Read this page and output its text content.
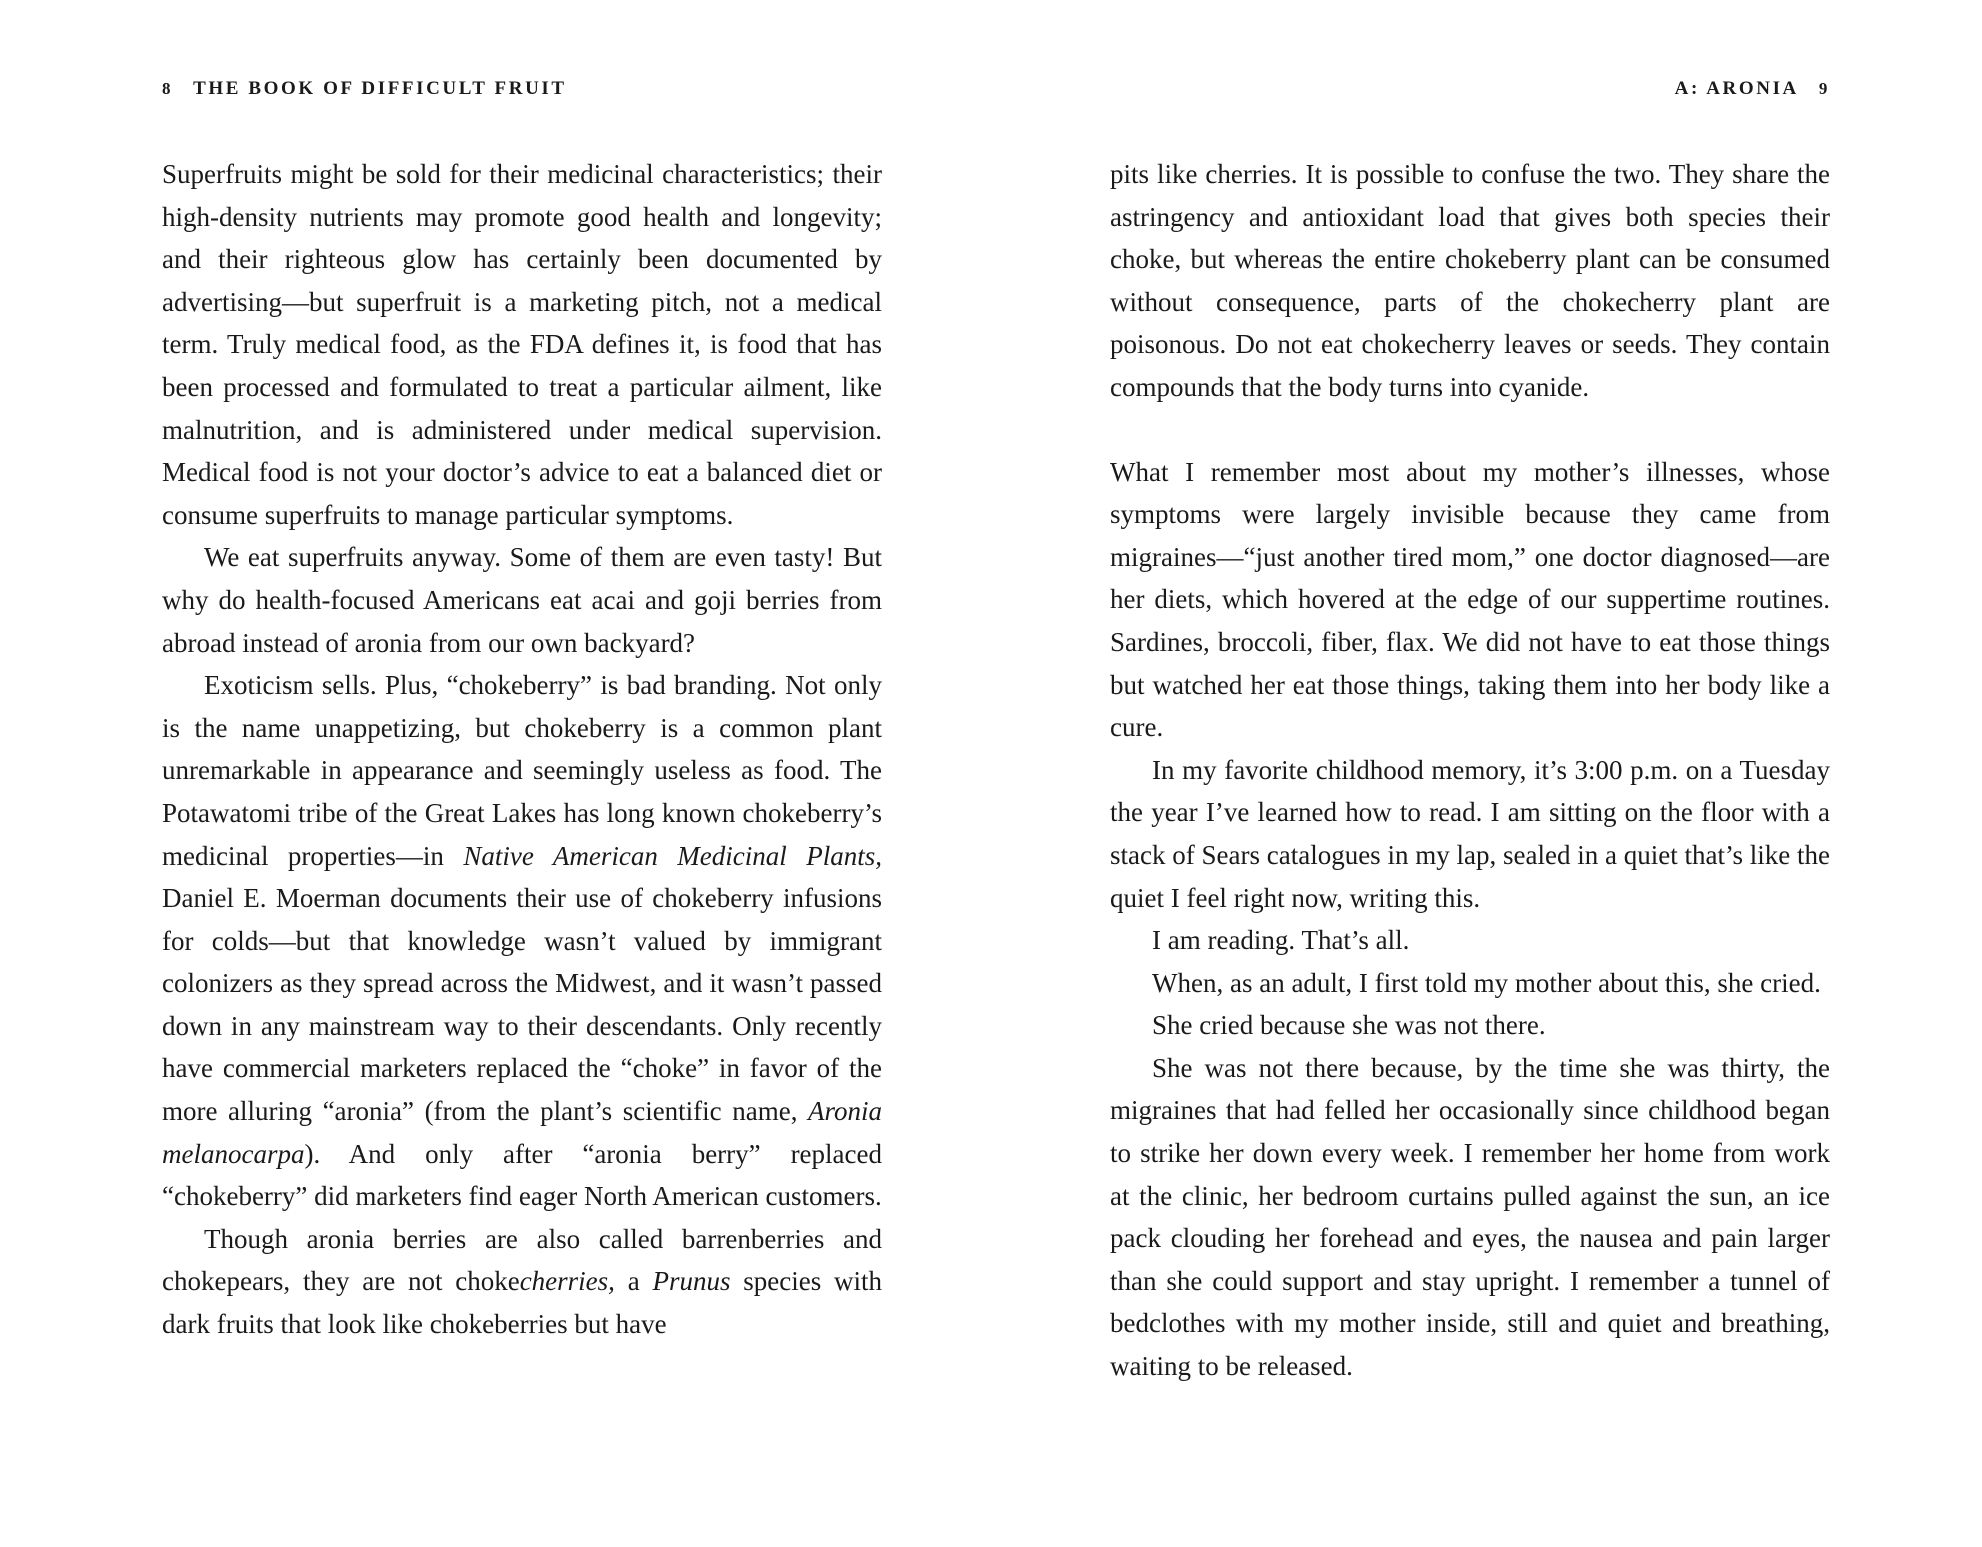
8 THE BOOK OF DIFFICULT FRUIT

Superfruits might be sold for their medicinal characteristics; their high-density nutrients may promote good health and longevity; and their righteous glow has certainly been documented by advertising—but superfruit is a marketing pitch, not a medical term. Truly medical food, as the FDA defines it, is food that has been processed and formulated to treat a particular ailment, like malnutrition, and is administered under medical supervision. Medical food is not your doctor’s advice to eat a balanced diet or consume superfruits to manage particular symptoms.

We eat superfruits anyway. Some of them are even tasty! But why do health-focused Americans eat acai and goji berries from abroad instead of aronia from our own backyard?

Exoticism sells. Plus, “chokeberry” is bad branding. Not only is the name unappetizing, but chokeberry is a common plant unremarkable in appearance and seemingly useless as food. The Potawatomi tribe of the Great Lakes has long known chokeberry’s medicinal properties—in Native American Medicinal Plants, Daniel E. Moerman documents their use of chokeberry infusions for colds—but that knowledge wasn’t valued by immigrant colonizers as they spread across the Midwest, and it wasn’t passed down in any mainstream way to their descendants. Only recently have commercial marketers replaced the “choke” in favor of the more alluring “aronia” (from the plant’s scientific name, Aronia melanocarpa). And only after “aronia berry” replaced “chokeberry” did marketers find eager North American customers.

Though aronia berries are also called barrenberries and chokepears, they are not chokecherries, a Prunus species with dark fruits that look like chokeberries but have

A: ARONIA 9

pits like cherries. It is possible to confuse the two. They share the astringency and antioxidant load that gives both species their choke, but whereas the entire chokeberry plant can be consumed without consequence, parts of the chokecherry plant are poisonous. Do not eat chokecherry leaves or seeds. They contain compounds that the body turns into cyanide.

What I remember most about my mother’s illnesses, whose symptoms were largely invisible because they came from migraines—“just another tired mom,” one doctor diagnosed—are her diets, which hovered at the edge of our suppertime routines. Sardines, broccoli, fiber, flax. We did not have to eat those things but watched her eat those things, taking them into her body like a cure.

In my favorite childhood memory, it’s 3:00 p.m. on a Tuesday the year I’ve learned how to read. I am sitting on the floor with a stack of Sears catalogues in my lap, sealed in a quiet that’s like the quiet I feel right now, writing this.

I am reading. That’s all.

When, as an adult, I first told my mother about this, she cried.

She cried because she was not there.

She was not there because, by the time she was thirty, the migraines that had felled her occasionally since childhood began to strike her down every week. I remember her home from work at the clinic, her bedroom curtains pulled against the sun, an ice pack clouding her forehead and eyes, the nausea and pain larger than she could support and stay upright. I remember a tunnel of bedclothes with my mother inside, still and quiet and breathing, waiting to be released.
